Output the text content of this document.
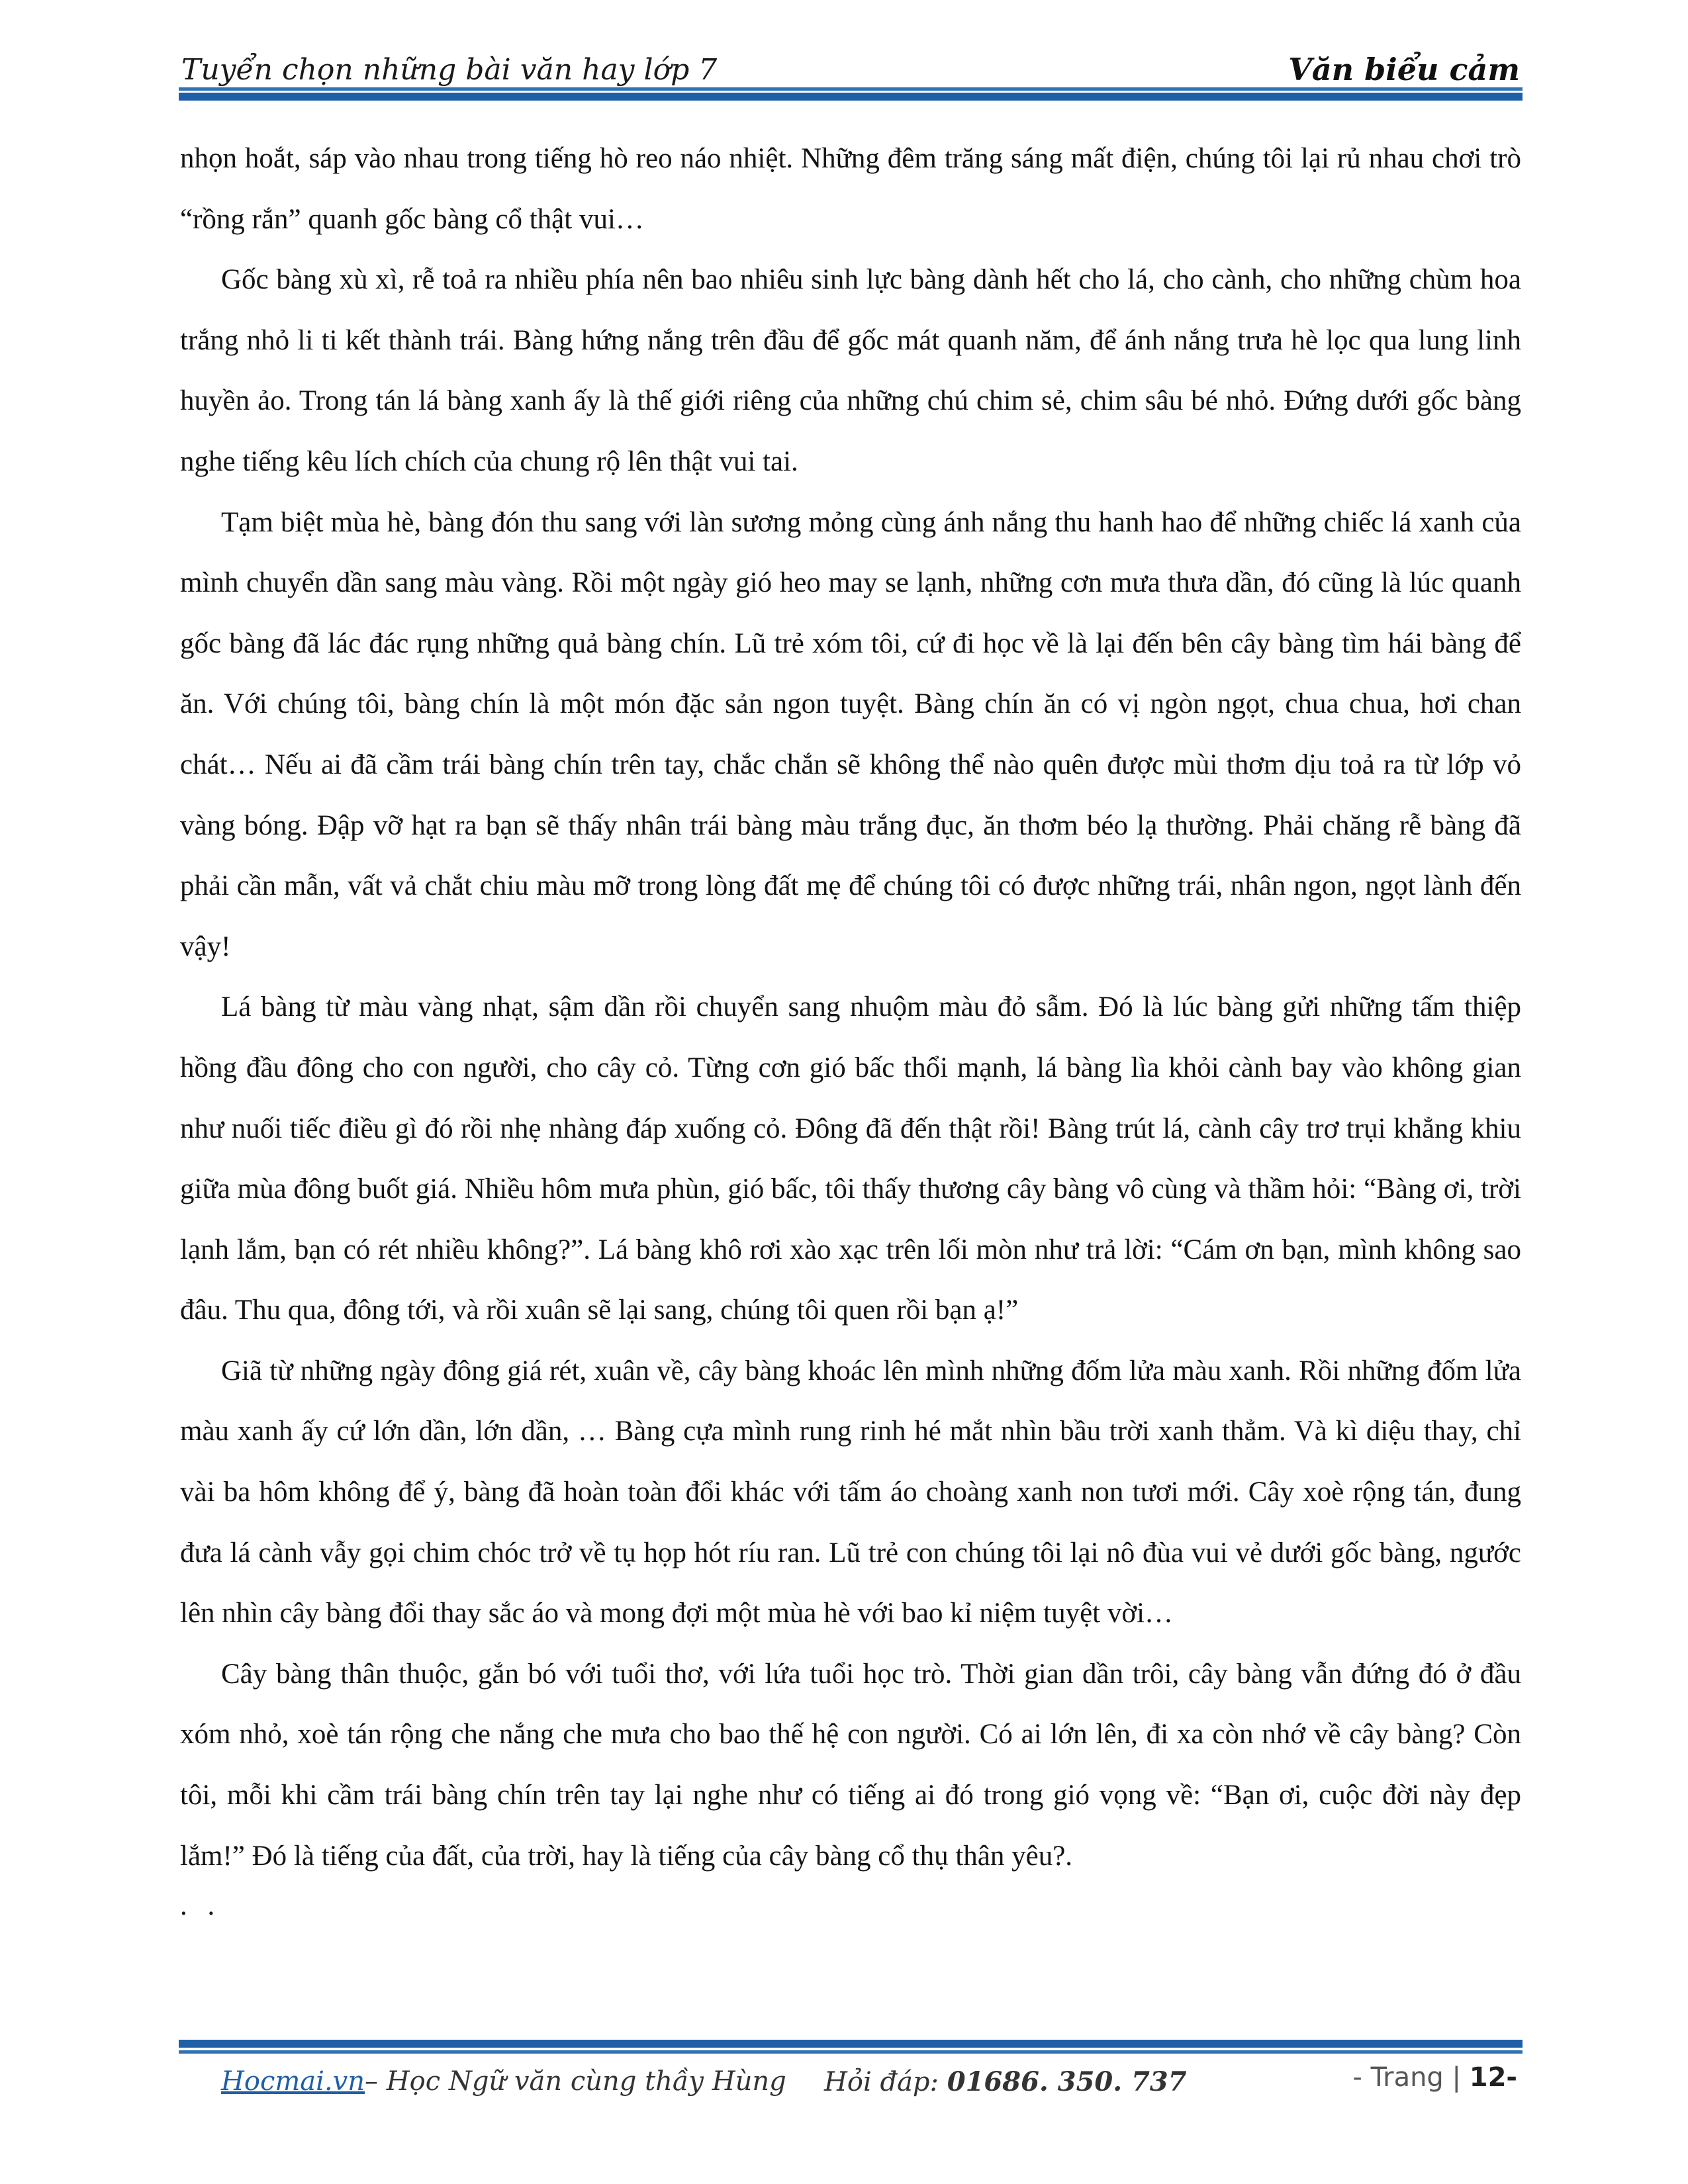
Tuyển chọn những bài văn hay lớp 7	Văn biểu cảm

nhọn hoắt, sáp vào nhau trong tiếng hò reo náo nhiệt. Những đêm trăng sáng mất điện, chúng tôi lại rủ nhau chơi trò “rồng rắn” quanh gốc bàng cổ thật vui…

Gốc bàng xù xì, rễ toả ra nhiều phía nên bao nhiêu sinh lực bàng dành hết cho lá, cho cành, cho những chùm hoa trắng nhỏ li ti kết thành trái. Bàng hứng nắng trên đầu để gốc mát quanh năm, để ánh nắng trưa hè lọc qua lung linh huyền ảo. Trong tán lá bàng xanh ấy là thế giới riêng của những chú chim sẻ, chim sâu bé nhỏ. Đứng dưới gốc bàng nghe tiếng kêu lích chích của chung rộ lên thật vui tai.

Tạm biệt mùa hè, bàng đón thu sang với làn sương mỏng cùng ánh nắng thu hanh hao để những chiếc lá xanh của mình chuyển dần sang màu vàng. Rồi một ngày gió heo may se lạnh, những cơn mưa thưa dần, đó cũng là lúc quanh gốc bàng đã lác đác rụng những quả bàng chín. Lũ trẻ xóm tôi, cứ đi học về là lại đến bên cây bàng tìm hái bàng để ăn. Với chúng tôi, bàng chín là một món đặc sản ngon tuyệt. Bàng chín ăn có vị ngòn ngọt, chua chua, hơi chan chát… Nếu ai đã cầm trái bàng chín trên tay, chắc chắn sẽ không thể nào quên được mùi thơm dịu toả ra từ lớp vỏ vàng bóng. Đập vỡ hạt ra bạn sẽ thấy nhân trái bàng màu trắng đục, ăn thơm béo lạ thường. Phải chăng rễ bàng đã phải cần mẫn, vất vả chắt chiu màu mỡ trong lòng đất mẹ để chúng tôi có được những trái, nhân ngon, ngọt lành đến vậy!

Lá bàng từ màu vàng nhạt, sậm dần rồi chuyển sang nhuộm màu đỏ sẫm. Đó là lúc bàng gửi những tấm thiệp hồng đầu đông cho con người, cho cây cỏ. Từng cơn gió bấc thổi mạnh, lá bàng lìa khỏi cành bay vào không gian như nuối tiếc điều gì đó rồi nhẹ nhàng đáp xuống cỏ. Đông đã đến thật rồi! Bàng trút lá, cành cây trơ trụi khẳng khiu giữa mùa đông buốt giá. Nhiều hôm mưa phùn, gió bấc, tôi thấy thương cây bàng vô cùng và thầm hỏi: “Bàng ơi, trời lạnh lắm, bạn có rét nhiều không?”. Lá bàng khô rơi xào xạc trên lối mòn như trả lời: “Cám ơn bạn, mình không sao đâu. Thu qua, đông tới, và rồi xuân sẽ lại sang, chúng tôi quen rồi bạn ạ!”

Giã từ những ngày đông giá rét, xuân về, cây bàng khoác lên mình những đốm lửa màu xanh. Rồi những đốm lửa màu xanh ấy cứ lớn dần, lớn dần, … Bàng cựa mình rung rinh hé mắt nhìn bầu trời xanh thẳm. Và kì diệu thay, chỉ vài ba hôm không để ý, bàng đã hoàn toàn đổi khác với tấm áo choàng xanh non tươi mới. Cây xoè rộng tán, đung đưa lá cành vẫy gọi chim chóc trở về tụ họp hót ríu ran. Lũ trẻ con chúng tôi lại nô đùa vui vẻ dưới gốc bàng, ngước lên nhìn cây bàng đổi thay sắc áo và mong đợi một mùa hè với bao kỉ niệm tuyệt vời…

Cây bàng thân thuộc, gắn bó với tuổi thơ, với lứa tuổi học trò. Thời gian dần trôi, cây bàng vẫn đứng đó ở đầu xóm nhỏ, xoè tán rộng che nắng che mưa cho bao thế hệ con người. Có ai lớn lên, đi xa còn nhớ về cây bàng? Còn tôi, mỗi khi cầm trái bàng chín trên tay lại nghe như có tiếng ai đó trong gió vọng về: “Bạn ơi, cuộc đời này đẹp lắm!” Đó là tiếng của đất, của trời, hay là tiếng của cây bàng cổ thụ thân yêu?.

. .

Hocmai.vn– Học Ngữ văn cùng thầy Hùng Hỏi đáp: 01686. 350. 737	- Trang | 12-
